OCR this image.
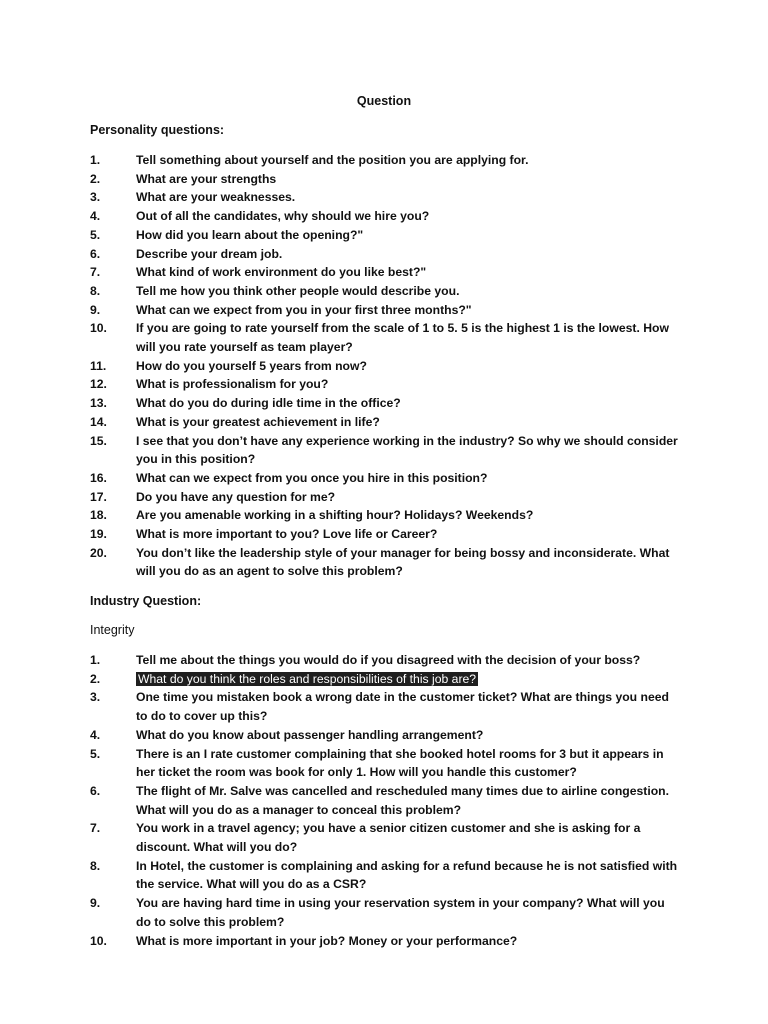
Question
Personality questions:
1.	Tell something about yourself and the position you are applying for.
2.	What are your strengths
3.	What are your weaknesses.
4.	Out of all the candidates, why should we hire you?
5.	How did you learn about the opening?"
6.	Describe your dream job.
7.	What kind of work environment do you like best?"
8.	Tell me how you think other people would describe you.
9.	What can we expect from you in your first three months?"
10.	If you are going to rate yourself from the scale of 1 to 5. 5 is the highest 1 is the lowest. How will you rate yourself as team player?
11.	How do you yourself 5 years from now?
12.	What is professionalism for you?
13.	What do you do during idle time in the office?
14.	What is your greatest achievement in life?
15.	I see that you don’t have any experience working in the industry? So why we should consider you in this position?
16.	What can we expect from you once you hire in this position?
17.	Do you have any question for me?
18.	Are you amenable working in a shifting hour? Holidays? Weekends?
19.	What is more important to you? Love life or Career?
20.	You don’t like the leadership style of your manager for being bossy and inconsiderate. What will you do as an agent to solve this problem?
Industry Question:
Integrity
1.	Tell me about the things you would do if you disagreed with the decision of your boss?
2.	What do you think the roles and responsibilities of this job are?
3.	One time you mistaken book a wrong date in the customer ticket? What are things you need to do to cover up this?
4.	What do you know about passenger handling arrangement?
5.	There is an I rate customer complaining that she booked hotel rooms for 3 but it appears in her ticket the room was book for only 1. How will you handle this customer?
6.	The flight of Mr. Salve was cancelled and rescheduled many times due to airline congestion. What will you do as a manager to conceal this problem?
7.	You work in a travel agency; you have a senior citizen customer and she is asking for a discount. What will you do?
8.	In Hotel, the customer is complaining and asking for a refund because he is not satisfied with the service. What will you do as a CSR?
9.	You are having hard time in using your reservation system in your company? What will you do to solve this problem?
10.	What is more important in your job? Money or your performance?
